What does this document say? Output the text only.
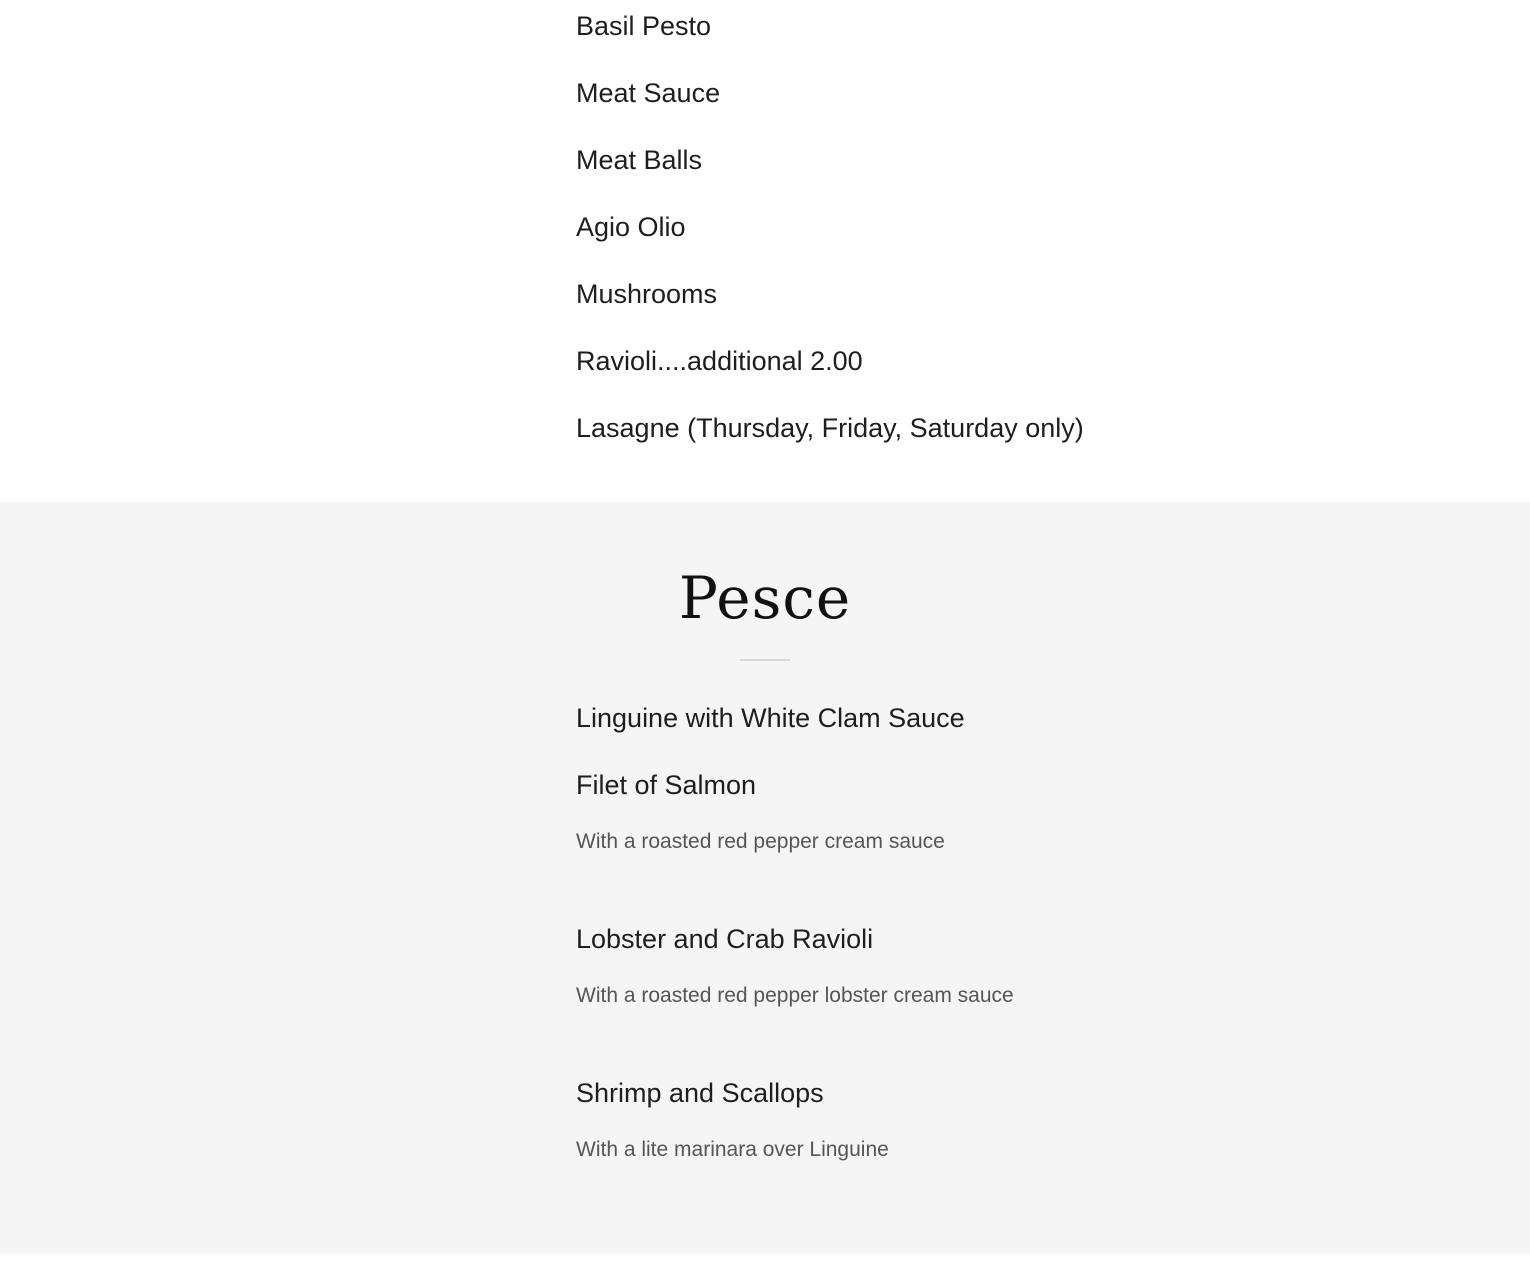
Basil Pesto
Meat Sauce
Meat Balls
Agio Olio
Mushrooms
Ravioli....additional 2.00
Lasagne (Thursday, Friday, Saturday only)
Pesce
Linguine with White Clam Sauce
Filet of Salmon
With a roasted red pepper cream sauce
Lobster and Crab Ravioli
With a roasted red pepper lobster cream sauce
Shrimp and Scallops
With a lite marinara over Linguine
